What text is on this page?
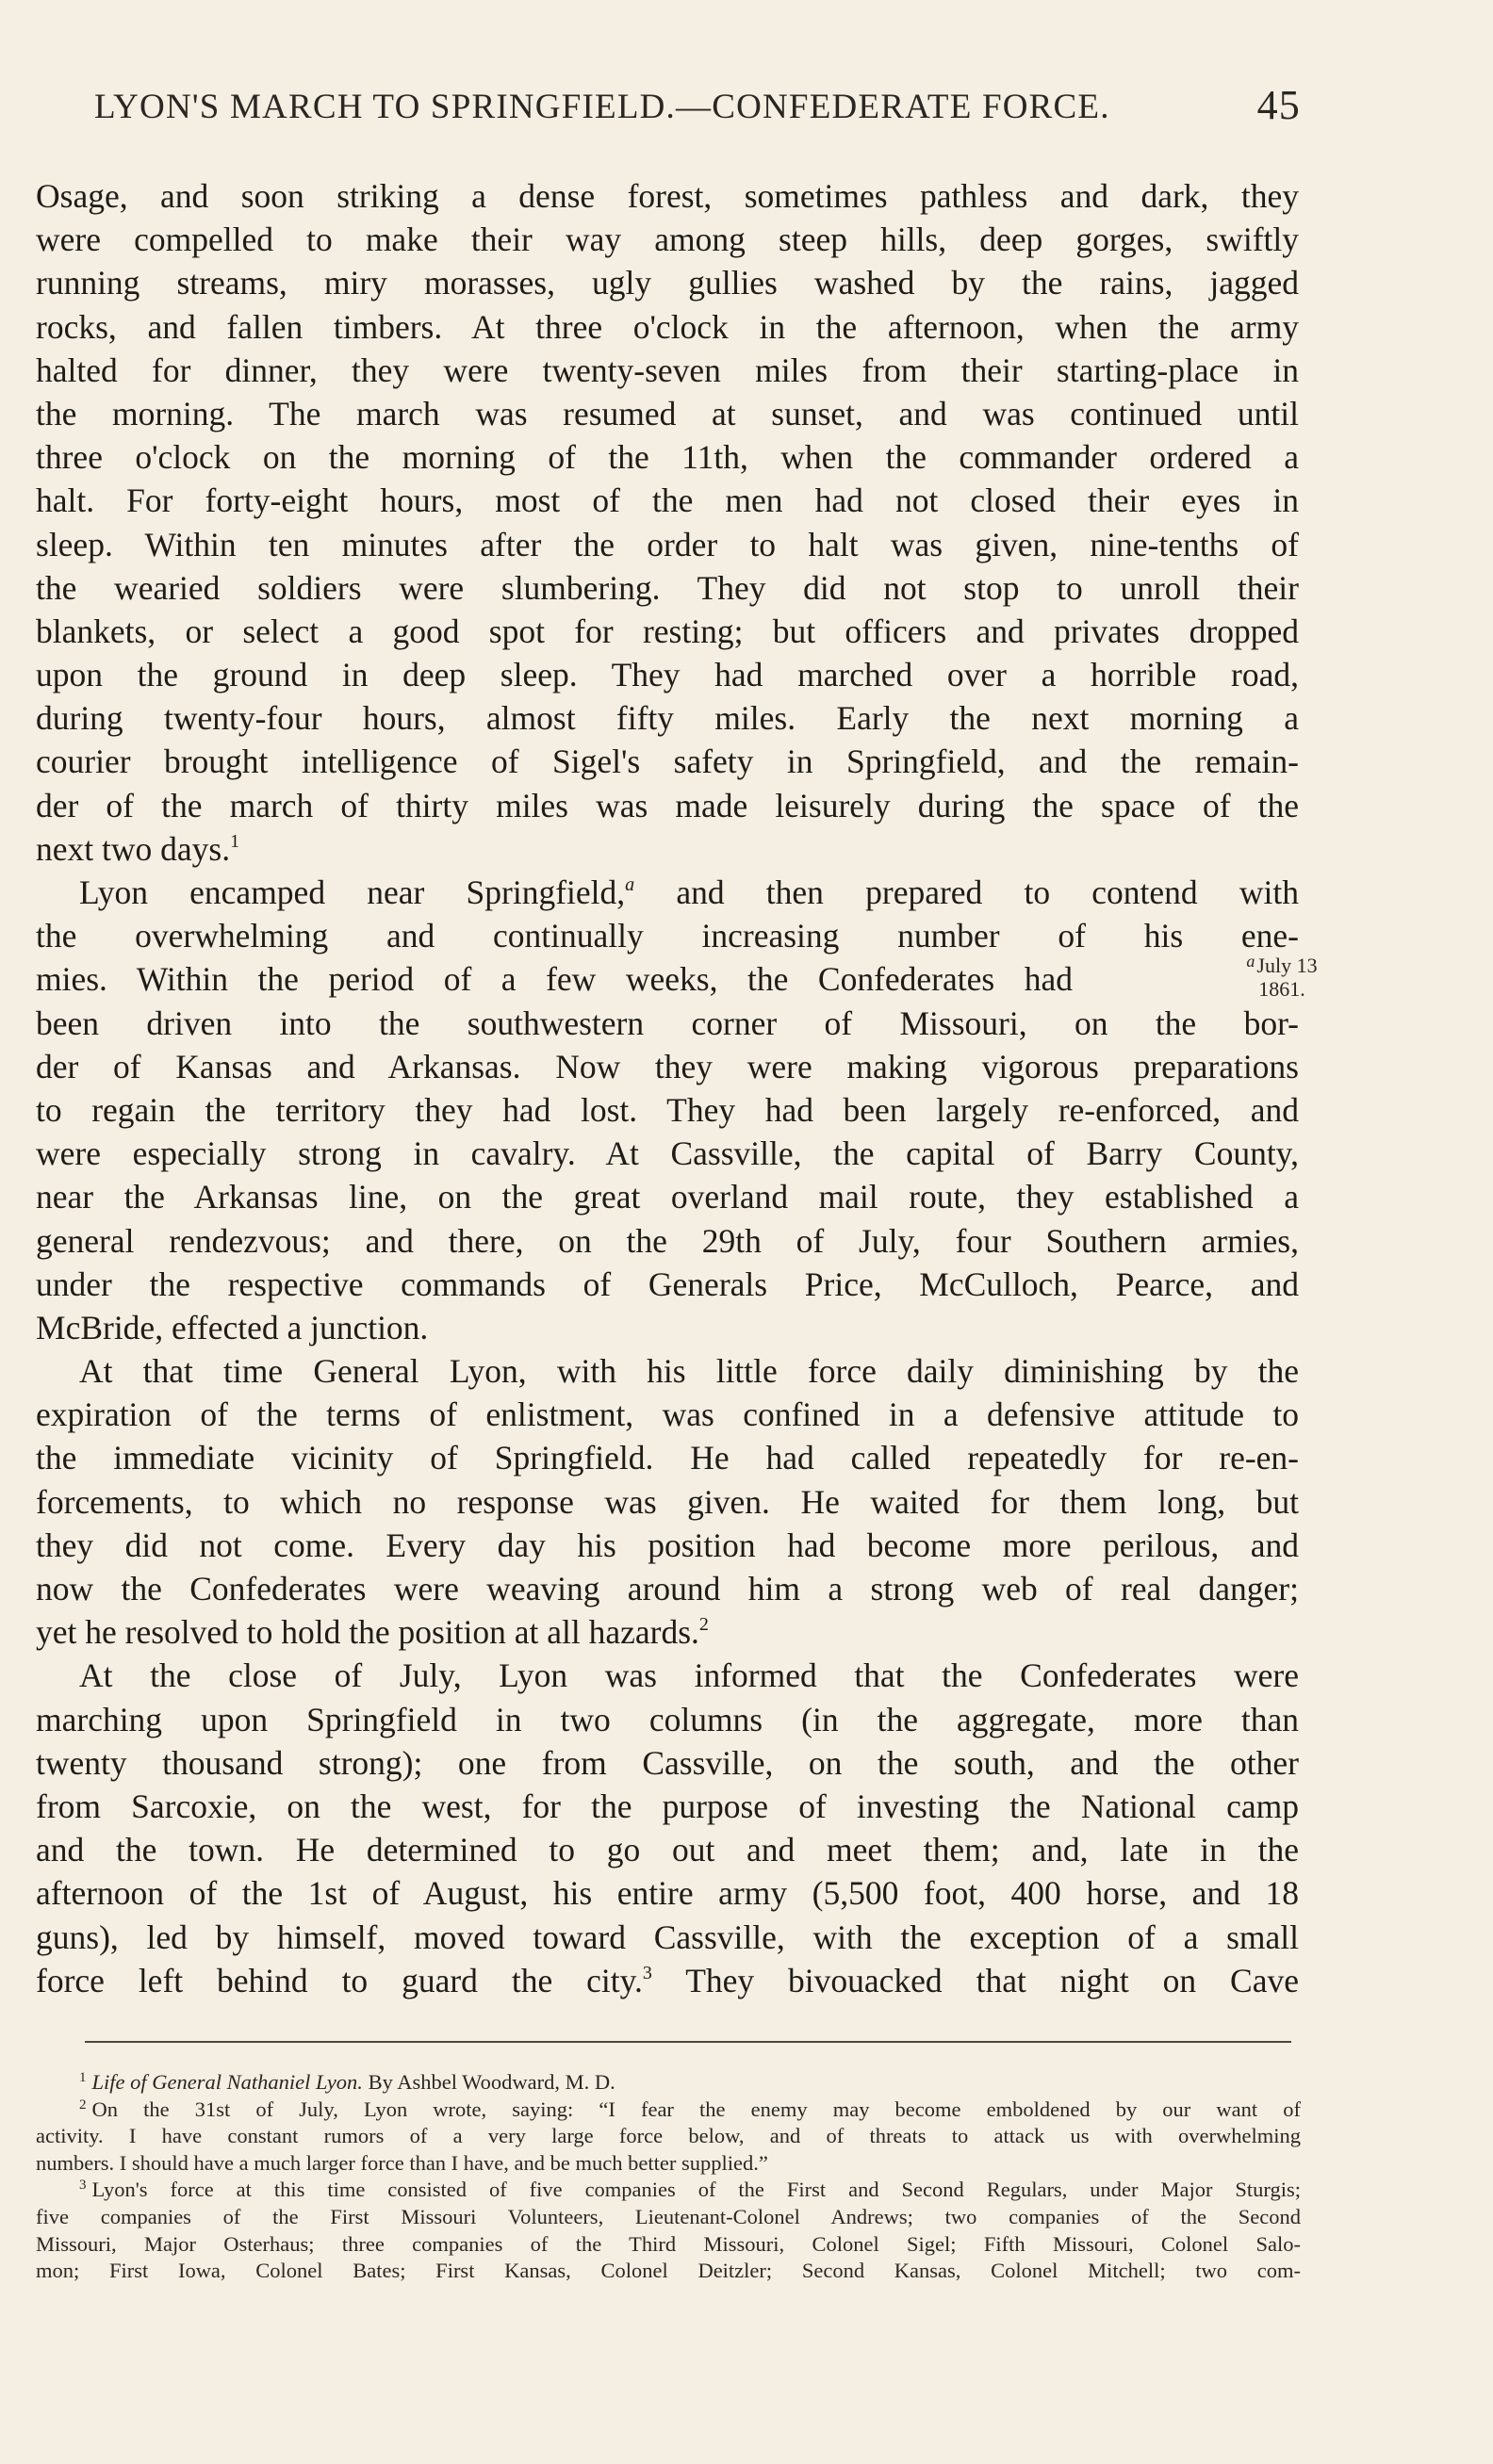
LYON'S MARCH TO SPRINGFIELD.—CONFEDERATE FORCE.	45
Osage, and soon striking a dense forest, sometimes pathless and dark, they
were compelled to make their way among steep hills, deep gorges, swiftly
running streams, miry morasses, ugly gullies washed by the rains, jagged
rocks, and fallen timbers. At three o'clock in the afternoon, when the army
halted for dinner, they were twenty-seven miles from their starting-place in
the morning. The march was resumed at sunset, and was continued until
three o'clock on the morning of the 11th, when the commander ordered a
halt. For forty-eight hours, most of the men had not closed their eyes in
sleep. Within ten minutes after the order to halt was given, nine-tenths of
the wearied soldiers were slumbering. They did not stop to unroll their
blankets, or select a good spot for resting; but officers and privates dropped
upon the ground in deep sleep. They had marched over a horrible road,
during twenty-four hours, almost fifty miles. Early the next morning a
courier brought intelligence of Sigel's safety in Springfield, and the remain-
der of the march of thirty miles was made leisurely during the space of the
next two days.$^1$
Lyon encamped near Springfield,$^a$ and then prepared to contend with
the overwhelming and continually increasing number of his ene-
mies. Within the period of a few weeks, the Confederates had
been driven into the southwestern corner of Missouri, on the bor-
der of Kansas and Arkansas. Now they were making vigorous preparations
to regain the territory they had lost. They had been largely re-enforced, and
were especially strong in cavalry. At Cassville, the capital of Barry County,
near the Arkansas line, on the great overland mail route, they established a
general rendezvous; and there, on the 29th of July, four Southern armies,
under the respective commands of Generals Price, McCulloch, Pearce, and
McBride, effected a junction.
At that time General Lyon, with his little force daily diminishing by the
expiration of the terms of enlistment, was confined in a defensive attitude to
the immediate vicinity of Springfield. He had called repeatedly for re-en-
forcements, to which no response was given. He waited for them long, but
they did not come. Every day his position had become more perilous, and
now the Confederates were weaving around him a strong web of real danger;
yet he resolved to hold the position at all hazards.$^2$
At the close of July, Lyon was informed that the Confederates were
marching upon Springfield in two columns (in the aggregate, more than
twenty thousand strong); one from Cassville, on the south, and the other
from Sarcoxie, on the west, for the purpose of investing the National camp
and the town. He determined to go out and meet them; and, late in the
afternoon of the 1st of August, his entire army (5,500 foot, 400 horse, and 18
guns), led by himself, moved toward Cassville, with the exception of a small
force left behind to guard the city.$^3$ They bivouacked that night on Cave
$^a$July 13
1861.
$^1$ Life of General Nathaniel Lyon. By Ashbel Woodward, M. D.
$^2$ On the 31st of July, Lyon wrote, saying: “I fear the enemy may become emboldened by our want of
activity. I have constant rumors of a very large force below, and of threats to attack us with overwhelming
numbers. I should have a much larger force than I have, and be much better supplied.”
$^3$ Lyon's force at this time consisted of five companies of the First and Second Regulars, under Major Sturgis;
five companies of the First Missouri Volunteers, Lieutenant-Colonel Andrews; two companies of the Second
Missouri, Major Osterhaus; three companies of the Third Missouri, Colonel Sigel; Fifth Missouri, Colonel Salo-
mon; First Iowa, Colonel Bates; First Kansas, Colonel Deitzler; Second Kansas, Colonel Mitchell; two com-
